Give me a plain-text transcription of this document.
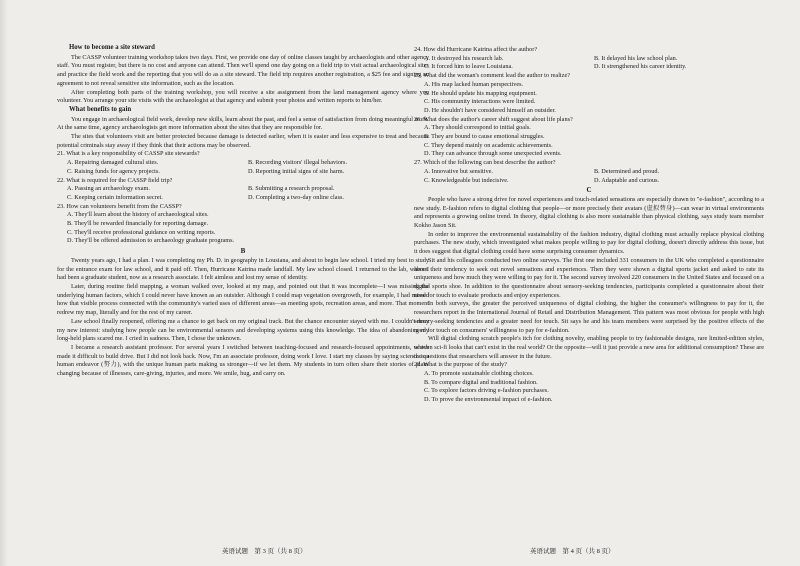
How to become a site steward

The CASSP volunteer training workshop takes two days. First, we provide one day of online classes taught by archaeologists and other agency staff. You must register, but there is no cost and anyone can attend. Then we'll spend one day going on a field trip to visit actual archaeological sites and practice the field work and the reporting that you will do as a site steward. The field trip requires another registration, a $25 fee and signing an agreement to not reveal sensitive site information, such as the location.

After completing both parts of the training workshop, you will receive a site assignment from the land management agency where you volunteer. You arrange your site visits with the archaeologist at that agency and submit your photos and written reports to him/her.

What benefits to gain

You engage in archaeological field work, develop new skills, learn about the past, and feel a sense of satisfaction from doing meaningful work. At the same time, agency archaeologists get more information about the sites that they are responsible for.

The sites that volunteers visit are better protected because damage is detected earlier, when it is easier and less expensive to treat and because potential criminals stay away if they think that their actions may be observed.

21. What is a key responsibility of CASSP site stewards?
A. Repairing damaged cultural sites.	B. Recording visitors' illegal behaviors.
C. Raising funds for agency projects.	D. Reporting initial signs of site harm.
22. What is required for the CASSP field trip?
A. Passing an archaeology exam.	B. Submitting a research proposal.
C. Keeping certain information secret.	D. Completing a two-day online class.
23. How can volunteers benefit from the CASSP?
A. They'll learn about the history of archaeological sites.
B. They'll be rewarded financially for reporting damage.
C. They'll receive professional guidance on writing reports.
D. They'll be offered admission to archaeology graduate programs.
B

Twenty years ago, I had a plan. I was completing my Ph. D. in geography in Lousiana, and about to begin law school. I tried my best to study for the entrance exam for law school, and it paid off. Then, Hurricane Katrina made landfall. My law school closed. I returned to the lab, where I had been a graduate student, now as a research associate. I felt aimless and lost my sense of identity.

Later, during routine field mapping, a woman walked over, looked at my map, and pointed out that it was incomplete—I was missing the underlying human factors, which I could never have known as an outsider. Although I could map vegetation overgrowth, for example, I had missed how that visible process connected with the community's varied uses of different areas—as meeting spots, recreation areas, and more. That moment redrew my map, literally and for the rest of my career.

Law school finally reopened, offering me a chance to get back on my original track. But the chance encounter stayed with me. I couldn't deny my new interest: studying how people can be environmental sensors and developing systems using this knowledge. The idea of abandoning my long-held plans scared me. I cried in sadness. Then, I chose the unknown.

I became a research assistant professor. For several years I switched between teaching-focused and research-focused appointments, which made it difficult to build drive. But I did not look back. Now, I'm an associate professor, doing work I love. I start my classes by saying science is a human endeavor (努力), with the unique human parts making us stronger—if we let them. My students in turn often share their stories of plans changing because of illnesses, care-giving, injuries, and more. We smile, hug, and carry on.

英语试题　第 3 页（共 8 页）
24. How did Hurricane Katrina affect the author?
A. It destroyed his research lab.	B. It delayed his law school plan.
C. It forced him to leave Louisiana.	D. It strengthened his career identity.
25. What did the woman's comment lead the author to realize?
A. His map lacked human perspectives.
B. He should update his mapping equipment.
C. His community interactions were limited.
D. He shouldn't have considered himself an outsider.
26. What does the author's career shift suggest about life plans?
A. They should correspond to initial goals.
B. They are bound to cause emotional struggles.
C. They depend mainly on academic achievements.
D. They can advance through some unexpected events.
27. Which of the following can best describe the author?
A. Innovative but sensitive.	B. Determined and proud.
C. Knowledgeable but indecisive.	D. Adaptable and curious.
C

People who have a strong drive for novel experiences and touch-related sensations are especially drawn to "e-fashion", according to a new study. E-fashion refers to digital clothing that people—or more precisely their avatars (虚拟替身)—can wear in virtual environments and represents a growing online trend. In theory, digital clothing is also more sustainable than physical clothing, says study team member Kokho Jason Sit.

In order to improve the environmental sustainability of the fashion industry, digital clothing must actually replace physical clothing purchases. The new study, which investigated what makes people willing to pay for digital clothing, doesn't directly address this issue, but it does suggest that digital clothing could have some surprising consumer dynamics.

Sit and his colleagues conducted two online surveys. The first one included 331 consumers in the UK who completed a questionnaire about their tendency to seek out novel sensations and experiences. Then they were shown a digital sports jacket and asked to rate its uniqueness and how much they were willing to pay for it. The second survey involved 220 consumers in the United States and focused on a digital sports shoe. In addition to the questionnaire about sensory-seeking tendencies, participants completed a questionnaire about their need for touch to evaluate products and enjoy experiences.

In both surveys, the greater the perceived uniqueness of digital clothing, the higher the consumer's willingness to pay for it, the researchers report in the International Journal of Retail and Distribution Management. This pattern was most obvious for people with high sensory-seeking tendencies and a greater need for touch. Sit says he and his team members were surprised by the positive effects of the need for touch on consumers' willingness to pay for e-fashion.

Will digital clothing scratch people's itch for clothing novelty, enabling people to try fashionable designs, rare limited-edition styles, or even sci-fi looks that can't exist in the real world? Or the opposite—will it just provide a new area for additional consumption? These are the questions that researchers will answer in the future.

28. What is the purpose of the study?
A. To promote sustainable clothing choices.
B. To compare digital and traditional fashion.
C. To explore factors driving e-fashion purchases.
D. To prove the environmental impact of e-fashion.
英语试题　第 4 页（共 8 页）
